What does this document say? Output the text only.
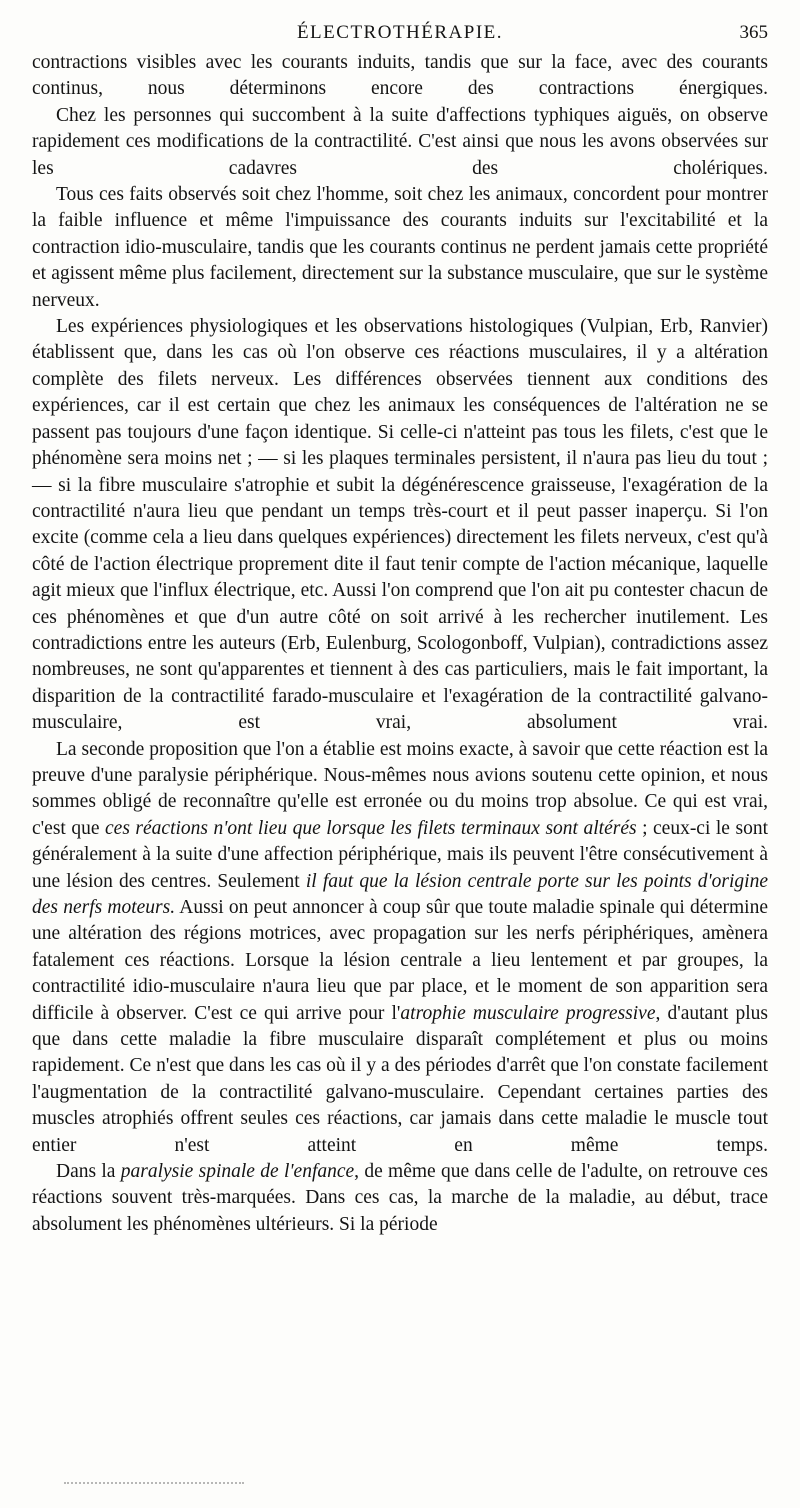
ÉLECTROTHÉRAPIE.	365

contractions visibles avec les courants induits, tandis que sur la face, avec des courants continus, nous déterminons encore des contractions énergiques.

Chez les personnes qui succombent à la suite d'affections typhiques aiguës, on observe rapidement ces modifications de la contractilité. C'est ainsi que nous les avons observées sur les cadavres des cholériques.

Tous ces faits observés soit chez l'homme, soit chez les animaux, concordent pour montrer la faible influence et même l'impuissance des courants induits sur l'excitabilité et la contraction idio-musculaire, tandis que les courants continus ne perdent jamais cette propriété et agissent même plus facilement, directement sur la substance musculaire, que sur le système nerveux.

Les expériences physiologiques et les observations histologiques (Vulpian, Erb, Ranvier) établissent que, dans les cas où l'on observe ces réactions musculaires, il y a altération complète des filets nerveux. Les différences observées tiennent aux conditions des expériences, car il est certain que chez les animaux les conséquences de l'altération ne se passent pas toujours d'une façon identique. Si celle-ci n'atteint pas tous les filets, c'est que le phénomène sera moins net ; — si les plaques terminales persistent, il n'aura pas lieu du tout ; — si la fibre musculaire s'atrophie et subit la dégénérescence graisseuse, l'exagération de la contractilité n'aura lieu que pendant un temps très-court et il peut passer inaperçu. Si l'on excite (comme cela a lieu dans quelques expériences) directement les filets nerveux, c'est qu'à côté de l'action électrique proprement dite il faut tenir compte de l'action mécanique, laquelle agit mieux que l'influx électrique, etc. Aussi l'on comprend que l'on ait pu contester chacun de ces phénomènes et que d'un autre côté on soit arrivé à les rechercher inutilement. Les contradictions entre les auteurs (Erb, Eulenburg, Scologonboff, Vulpian), contradictions assez nombreuses, ne sont qu'apparentes et tiennent à des cas particuliers, mais le fait important, la disparition de la contractilité farado-musculaire et l'exagération de la contractilité galvano-musculaire, est vrai, absolument vrai.

La seconde proposition que l'on a établie est moins exacte, à savoir que cette réaction est la preuve d'une paralysie périphérique. Nous-mêmes nous avions soutenu cette opinion, et nous sommes obligé de reconnaître qu'elle est erronée ou du moins trop absolue. Ce qui est vrai, c'est que ces réactions n'ont lieu que lorsque les filets terminaux sont altérés ; ceux-ci le sont généralement à la suite d'une affection périphérique, mais ils peuvent l'être consécutivement à une lésion des centres. Seulement il faut que la lésion centrale porte sur les points d'origine des nerfs moteurs. Aussi on peut annoncer à coup sûr que toute maladie spinale qui détermine une altération des régions motrices, avec propagation sur les nerfs périphériques, amènera fatalement ces réactions. Lorsque la lésion centrale a lieu lentement et par groupes, la contractilité idio-musculaire n'aura lieu que par place, et le moment de son apparition sera difficile à observer. C'est ce qui arrive pour l'atrophie musculaire progressive, d'autant plus que dans cette maladie la fibre musculaire disparaît complétement et plus ou moins rapidement. Ce n'est que dans les cas où il y a des périodes d'arrêt que l'on constate facilement l'augmentation de la contractilité galvano-musculaire. Cependant certaines parties des muscles atrophiés offrent seules ces réactions, car jamais dans cette maladie le muscle tout entier n'est atteint en même temps.

Dans la paralysie spinale de l'enfance, de même que dans celle de l'adulte, on retrouve ces réactions souvent très-marquées. Dans ces cas, la marche de la maladie, au début, trace absolument les phénomènes ultérieurs. Si la période
